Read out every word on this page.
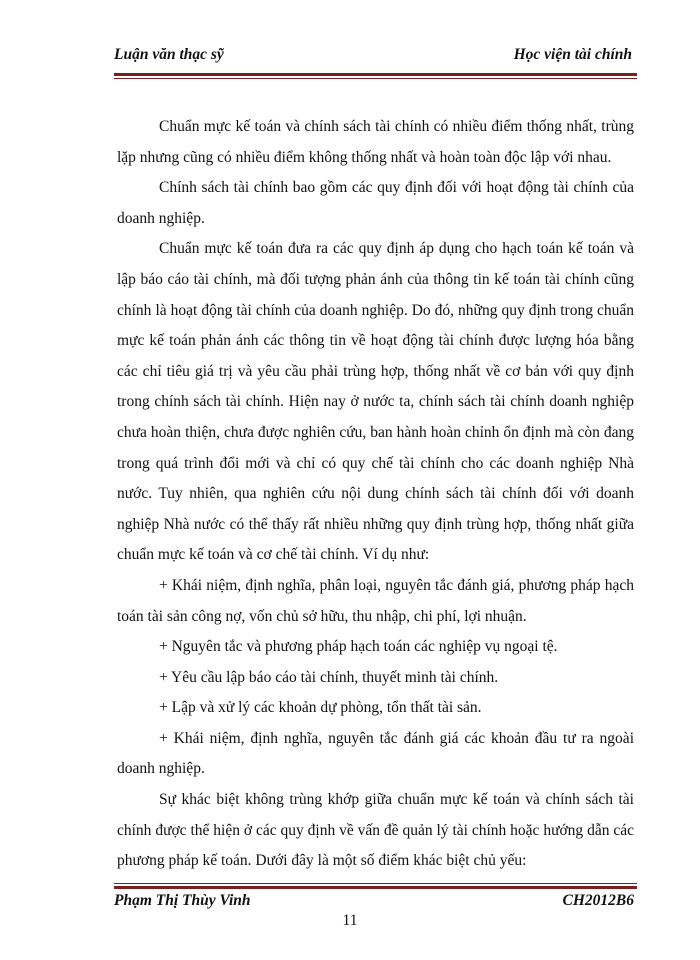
Luận văn thạc sỹ	Học viện tài chính

Chuẩn mực kế toán và chính sách tài chính có nhiều điểm thống nhất, trùng lặp nhưng cũng có nhiều điểm không thống nhất và hoàn toàn độc lập với nhau.

Chính sách tài chính bao gồm các quy định đối với hoạt động tài chính của doanh nghiệp.

Chuẩn mực kế toán đưa ra các quy định áp dụng cho hạch toán kế toán và lập báo cáo tài chính, mà đối tượng phản ánh của thông tin kế toán tài chính cũng chính là hoạt động tài chính của doanh nghiệp. Do đó, những quy định trong chuẩn mực kế toán phản ánh các thông tin về hoạt động tài chính được lượng hóa bằng các chỉ tiêu giá trị và yêu cầu phải trùng hợp, thống nhất về cơ bản với quy định trong chính sách tài chính. Hiện nay ở nước ta, chính sách tài chính doanh nghiệp chưa hoàn thiện, chưa được nghiên cứu, ban hành hoàn chỉnh ổn định mà còn đang trong quá trình đổi mới và chỉ có quy chế tài chính cho các doanh nghiệp Nhà nước. Tuy nhiên, qua nghiên cứu nội dung chính sách tài chính đối với doanh nghiệp Nhà nước có thể thấy rất nhiều những quy định trùng hợp, thống nhất giữa chuẩn mực kế toán và cơ chế tài chính. Ví dụ như:

+ Khái niệm, định nghĩa, phân loại, nguyên tắc đánh giá, phương pháp hạch toán tài sản công nợ, vốn chủ sở hữu, thu nhập, chi phí, lợi nhuận.

+ Nguyên tắc và phương pháp hạch toán các nghiệp vụ ngoại tệ.

+ Yêu cầu lập báo cáo tài chính, thuyết minh tài chính.

+ Lập và xử lý các khoản dự phòng, tổn thất tài sản.

+ Khái niệm, định nghĩa, nguyên tắc đánh giá các khoản đầu tư ra ngoài doanh nghiệp.

Sự khác biệt không trùng khớp giữa chuẩn mực kế toán và chính sách tài chính được thể hiện ở các quy định về vấn đề quản lý tài chính hoặc hướng dẫn các phương pháp kế toán. Dưới đây là một số điểm khác biệt chủ yếu:

Phạm Thị Thùy Vinh	CH2012B6
11
